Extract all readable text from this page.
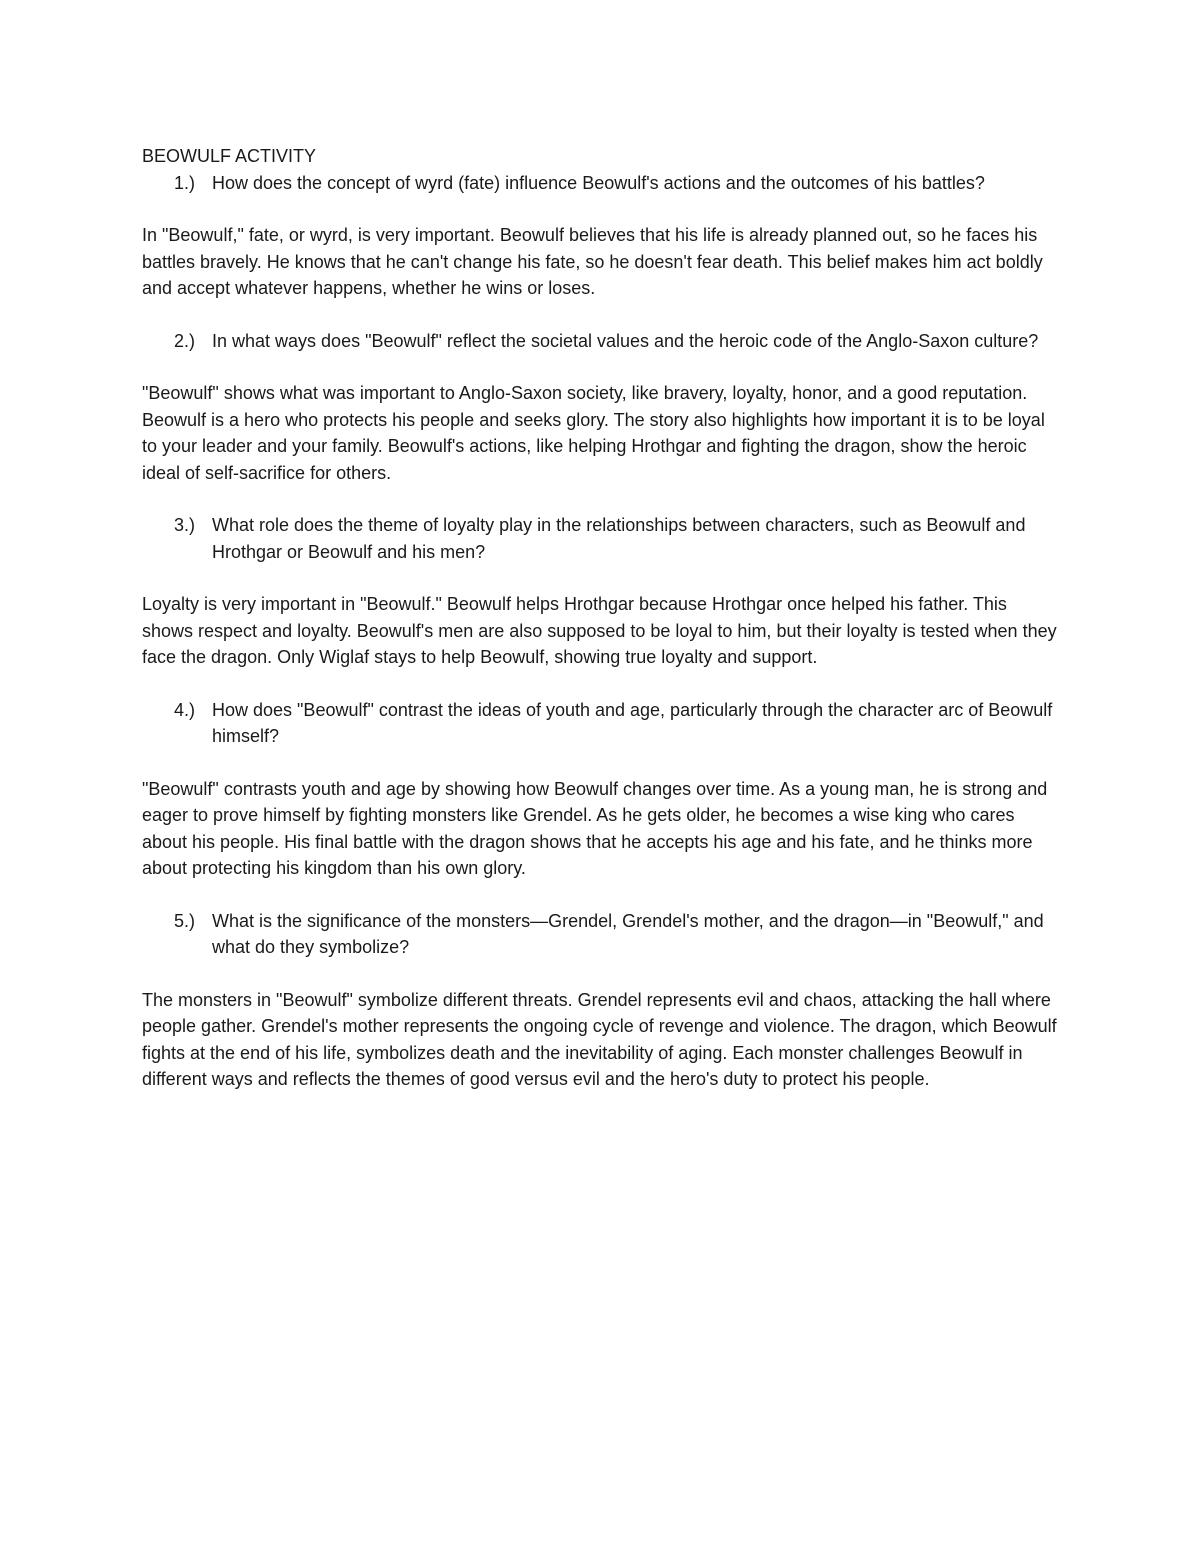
BEOWULF ACTIVITY
1.) How does the concept of wyrd (fate) influence Beowulf's actions and the outcomes of his battles?

In "Beowulf," fate, or wyrd, is very important. Beowulf believes that his life is already planned out, so he faces his battles bravely. He knows that he can't change his fate, so he doesn't fear death. This belief makes him act boldly and accept whatever happens, whether he wins or loses.

2.) In what ways does "Beowulf" reflect the societal values and the heroic code of the Anglo-Saxon culture?

"Beowulf" shows what was important to Anglo-Saxon society, like bravery, loyalty, honor, and a good reputation. Beowulf is a hero who protects his people and seeks glory. The story also highlights how important it is to be loyal to your leader and your family. Beowulf's actions, like helping Hrothgar and fighting the dragon, show the heroic ideal of self-sacrifice for others.

3.) What role does the theme of loyalty play in the relationships between characters, such as Beowulf and Hrothgar or Beowulf and his men?

Loyalty is very important in "Beowulf." Beowulf helps Hrothgar because Hrothgar once helped his father. This shows respect and loyalty. Beowulf's men are also supposed to be loyal to him, but their loyalty is tested when they face the dragon. Only Wiglaf stays to help Beowulf, showing true loyalty and support.

4.) How does "Beowulf" contrast the ideas of youth and age, particularly through the character arc of Beowulf himself?

"Beowulf" contrasts youth and age by showing how Beowulf changes over time. As a young man, he is strong and eager to prove himself by fighting monsters like Grendel. As he gets older, he becomes a wise king who cares about his people. His final battle with the dragon shows that he accepts his age and his fate, and he thinks more about protecting his kingdom than his own glory.

5.) What is the significance of the monsters—Grendel, Grendel's mother, and the dragon—in "Beowulf," and what do they symbolize?

The monsters in "Beowulf" symbolize different threats. Grendel represents evil and chaos, attacking the hall where people gather. Grendel's mother represents the ongoing cycle of revenge and violence. The dragon, which Beowulf fights at the end of his life, symbolizes death and the inevitability of aging. Each monster challenges Beowulf in different ways and reflects the themes of good versus evil and the hero's duty to protect his people.
